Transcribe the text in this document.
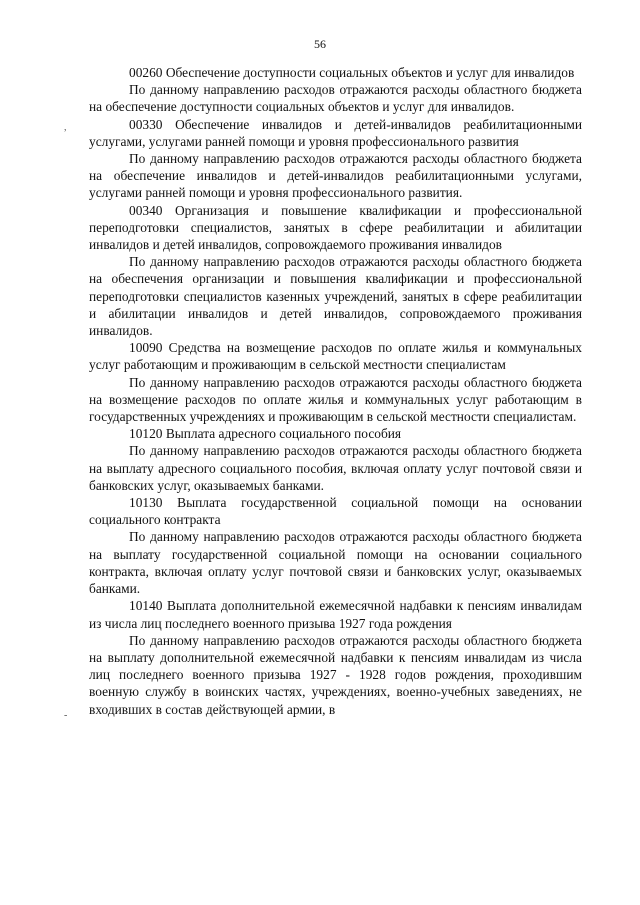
56
,
-

00260 Обеспечение доступности социальных объектов и услуг для инвалидов

По данному направлению расходов отражаются расходы областного бюджета на обеспечение доступности социальных объектов и услуг для инвалидов.

00330 Обеспечение инвалидов и детей-инвалидов реабилитационными услугами, услугами ранней помощи и уровня профессионального развития

По данному направлению расходов отражаются расходы областного бюджета на обеспечение инвалидов и детей-инвалидов реабилитационными услугами, услугами ранней помощи и уровня профессионального развития.

00340 Организация и повышение квалификации и профессиональной переподготовки специалистов, занятых в сфере реабилитации и абилитации инвалидов и детей инвалидов, сопровождаемого проживания инвалидов

По данному направлению расходов отражаются расходы областного бюджета на обеспечения организации и повышения квалификации и профессиональной переподготовки специалистов казенных учреждений, занятых в сфере реабилитации и абилитации инвалидов и детей инвалидов, сопровождаемого проживания инвалидов.

10090 Средства на возмещение расходов по оплате жилья и коммунальных услуг работающим и проживающим в сельской местности специалистам

По данному направлению расходов отражаются расходы областного бюджета на возмещение расходов по оплате жилья и коммунальных услуг работающим в государственных учреждениях и проживающим в сельской местности специалистам.

10120 Выплата адресного социального пособия

По данному направлению расходов отражаются расходы областного бюджета на выплату адресного социального пособия, включая оплату услуг почтовой связи и банковских услуг, оказываемых банками.

10130 Выплата государственной социальной помощи на основании социального контракта

По данному направлению расходов отражаются расходы областного бюджета на выплату государственной социальной помощи на основании социального контракта, включая оплату услуг почтовой связи и банковских услуг, оказываемых банками.

10140 Выплата дополнительной ежемесячной надбавки к пенсиям инвалидам из числа лиц последнего военного призыва 1927 года рождения

По данному направлению расходов отражаются расходы областного бюджета на выплату дополнительной ежемесячной надбавки к пенсиям инвалидам из числа лиц последнего военного призыва 1927 - 1928 годов рождения, проходившим военную службу в воинских частях, учреждениях, военно-учебных заведениях, не входивших в состав действующей армии, в
